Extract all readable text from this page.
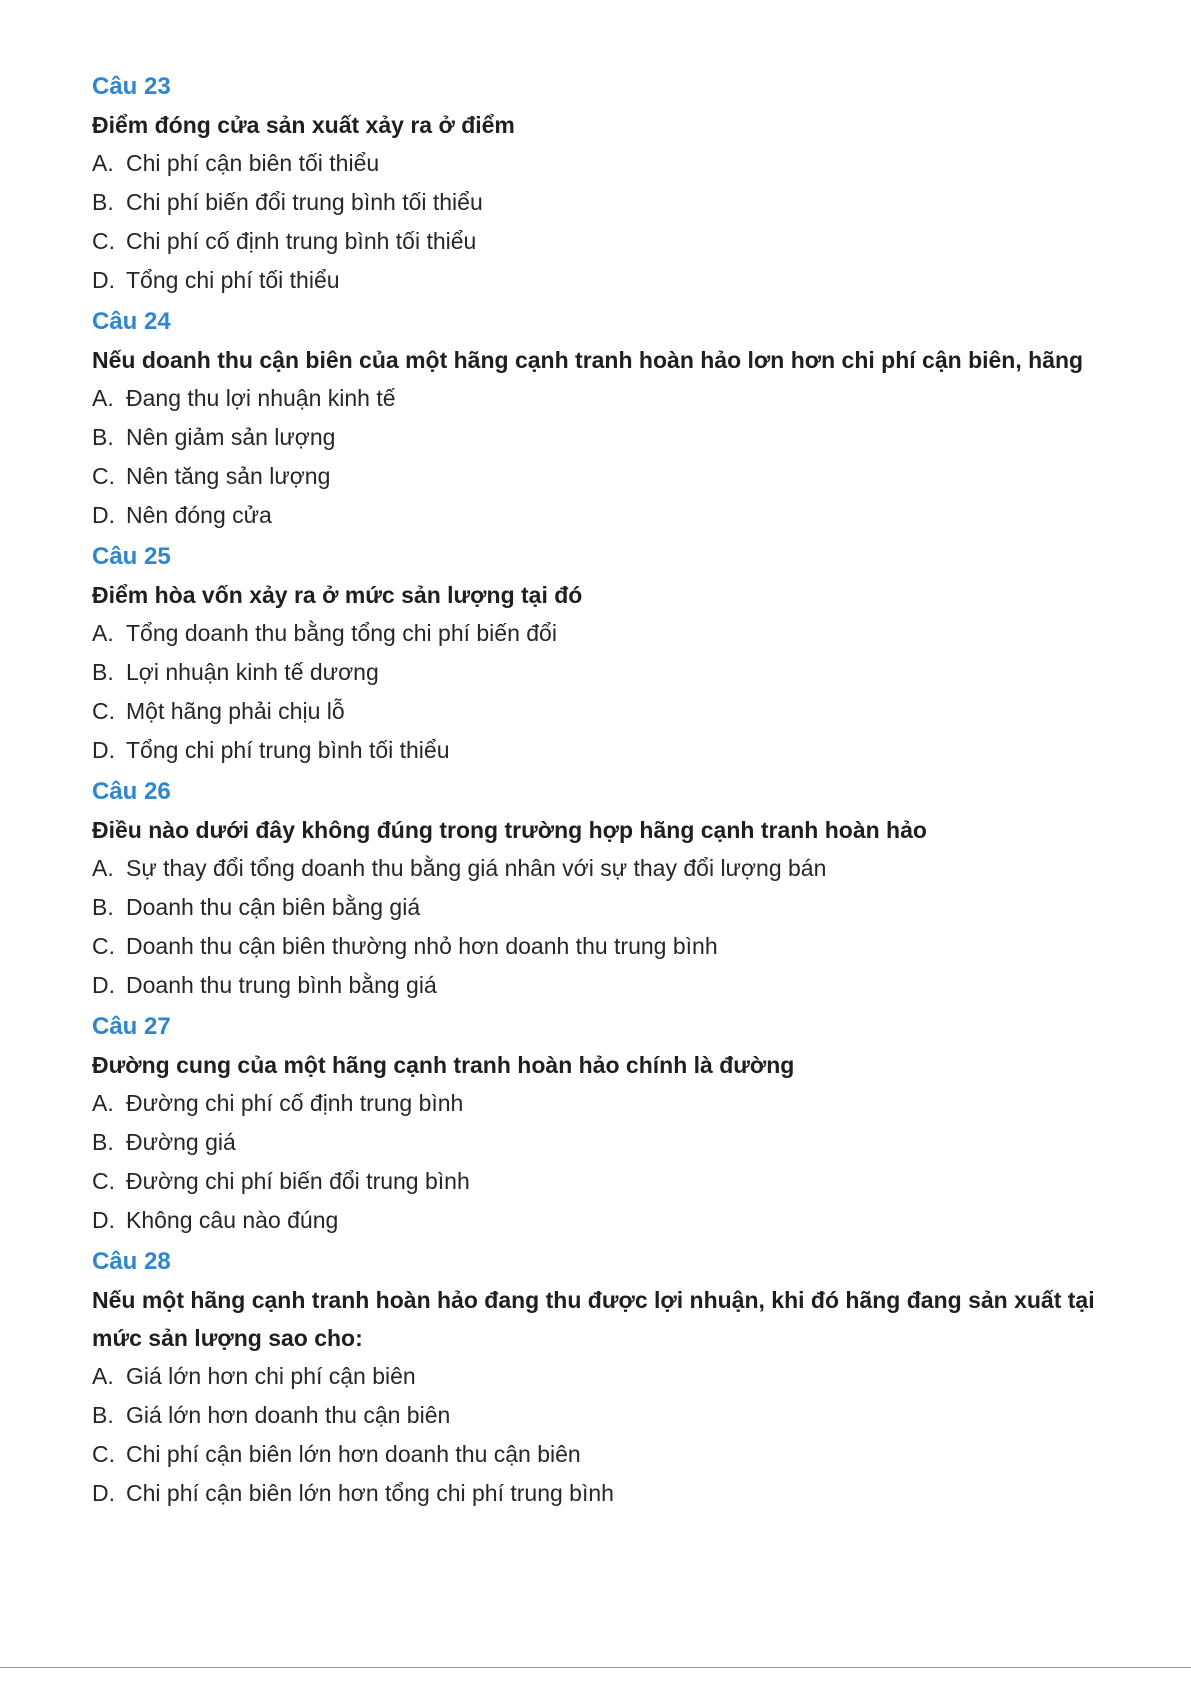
Câu 23
Điểm đóng cửa sản xuất xảy ra ở điểm
A. Chi phí cận biên tối thiểu
B. Chi phí biến đổi trung bình tối thiểu
C. Chi phí cố định trung bình tối thiểu
D. Tổng chi phí tối thiểu
Câu 24
Nếu doanh thu cận biên của một hãng cạnh tranh hoàn hảo lơn hơn chi phí cận biên, hãng
A. Đang thu lợi nhuận kinh tế
B. Nên giảm sản lượng
C. Nên tăng sản lượng
D. Nên đóng cửa
Câu 25
Điểm hòa vốn xảy ra ở mức sản lượng tại đó
A. Tổng doanh thu bằng tổng chi phí biến đổi
B. Lợi nhuận kinh tế dương
C. Một hãng phải chịu lỗ
D. Tổng chi phí trung bình tối thiểu
Câu 26
Điều nào dưới đây không đúng trong trường hợp hãng cạnh tranh hoàn hảo
A. Sự thay đổi tổng doanh thu bằng giá nhân với sự thay đổi lượng bán
B. Doanh thu cận biên bằng giá
C. Doanh thu cận biên thường nhỏ hơn doanh thu trung bình
D. Doanh thu trung bình bằng giá
Câu 27
Đường cung của một hãng cạnh tranh hoàn hảo chính là đường
A. Đường chi phí cố định trung bình
B. Đường giá
C. Đường chi phí biến đổi trung bình
D. Không câu nào đúng
Câu 28
Nếu một hãng cạnh tranh hoàn hảo đang thu được lợi nhuận, khi đó hãng đang sản xuất tại mức sản lượng sao cho:
A. Giá lớn hơn chi phí cận biên
B. Giá lớn hơn doanh thu cận biên
C. Chi phí cận biên lớn hơn doanh thu cận biên
D. Chi phí cận biên lớn hơn tổng chi phí trung bình
